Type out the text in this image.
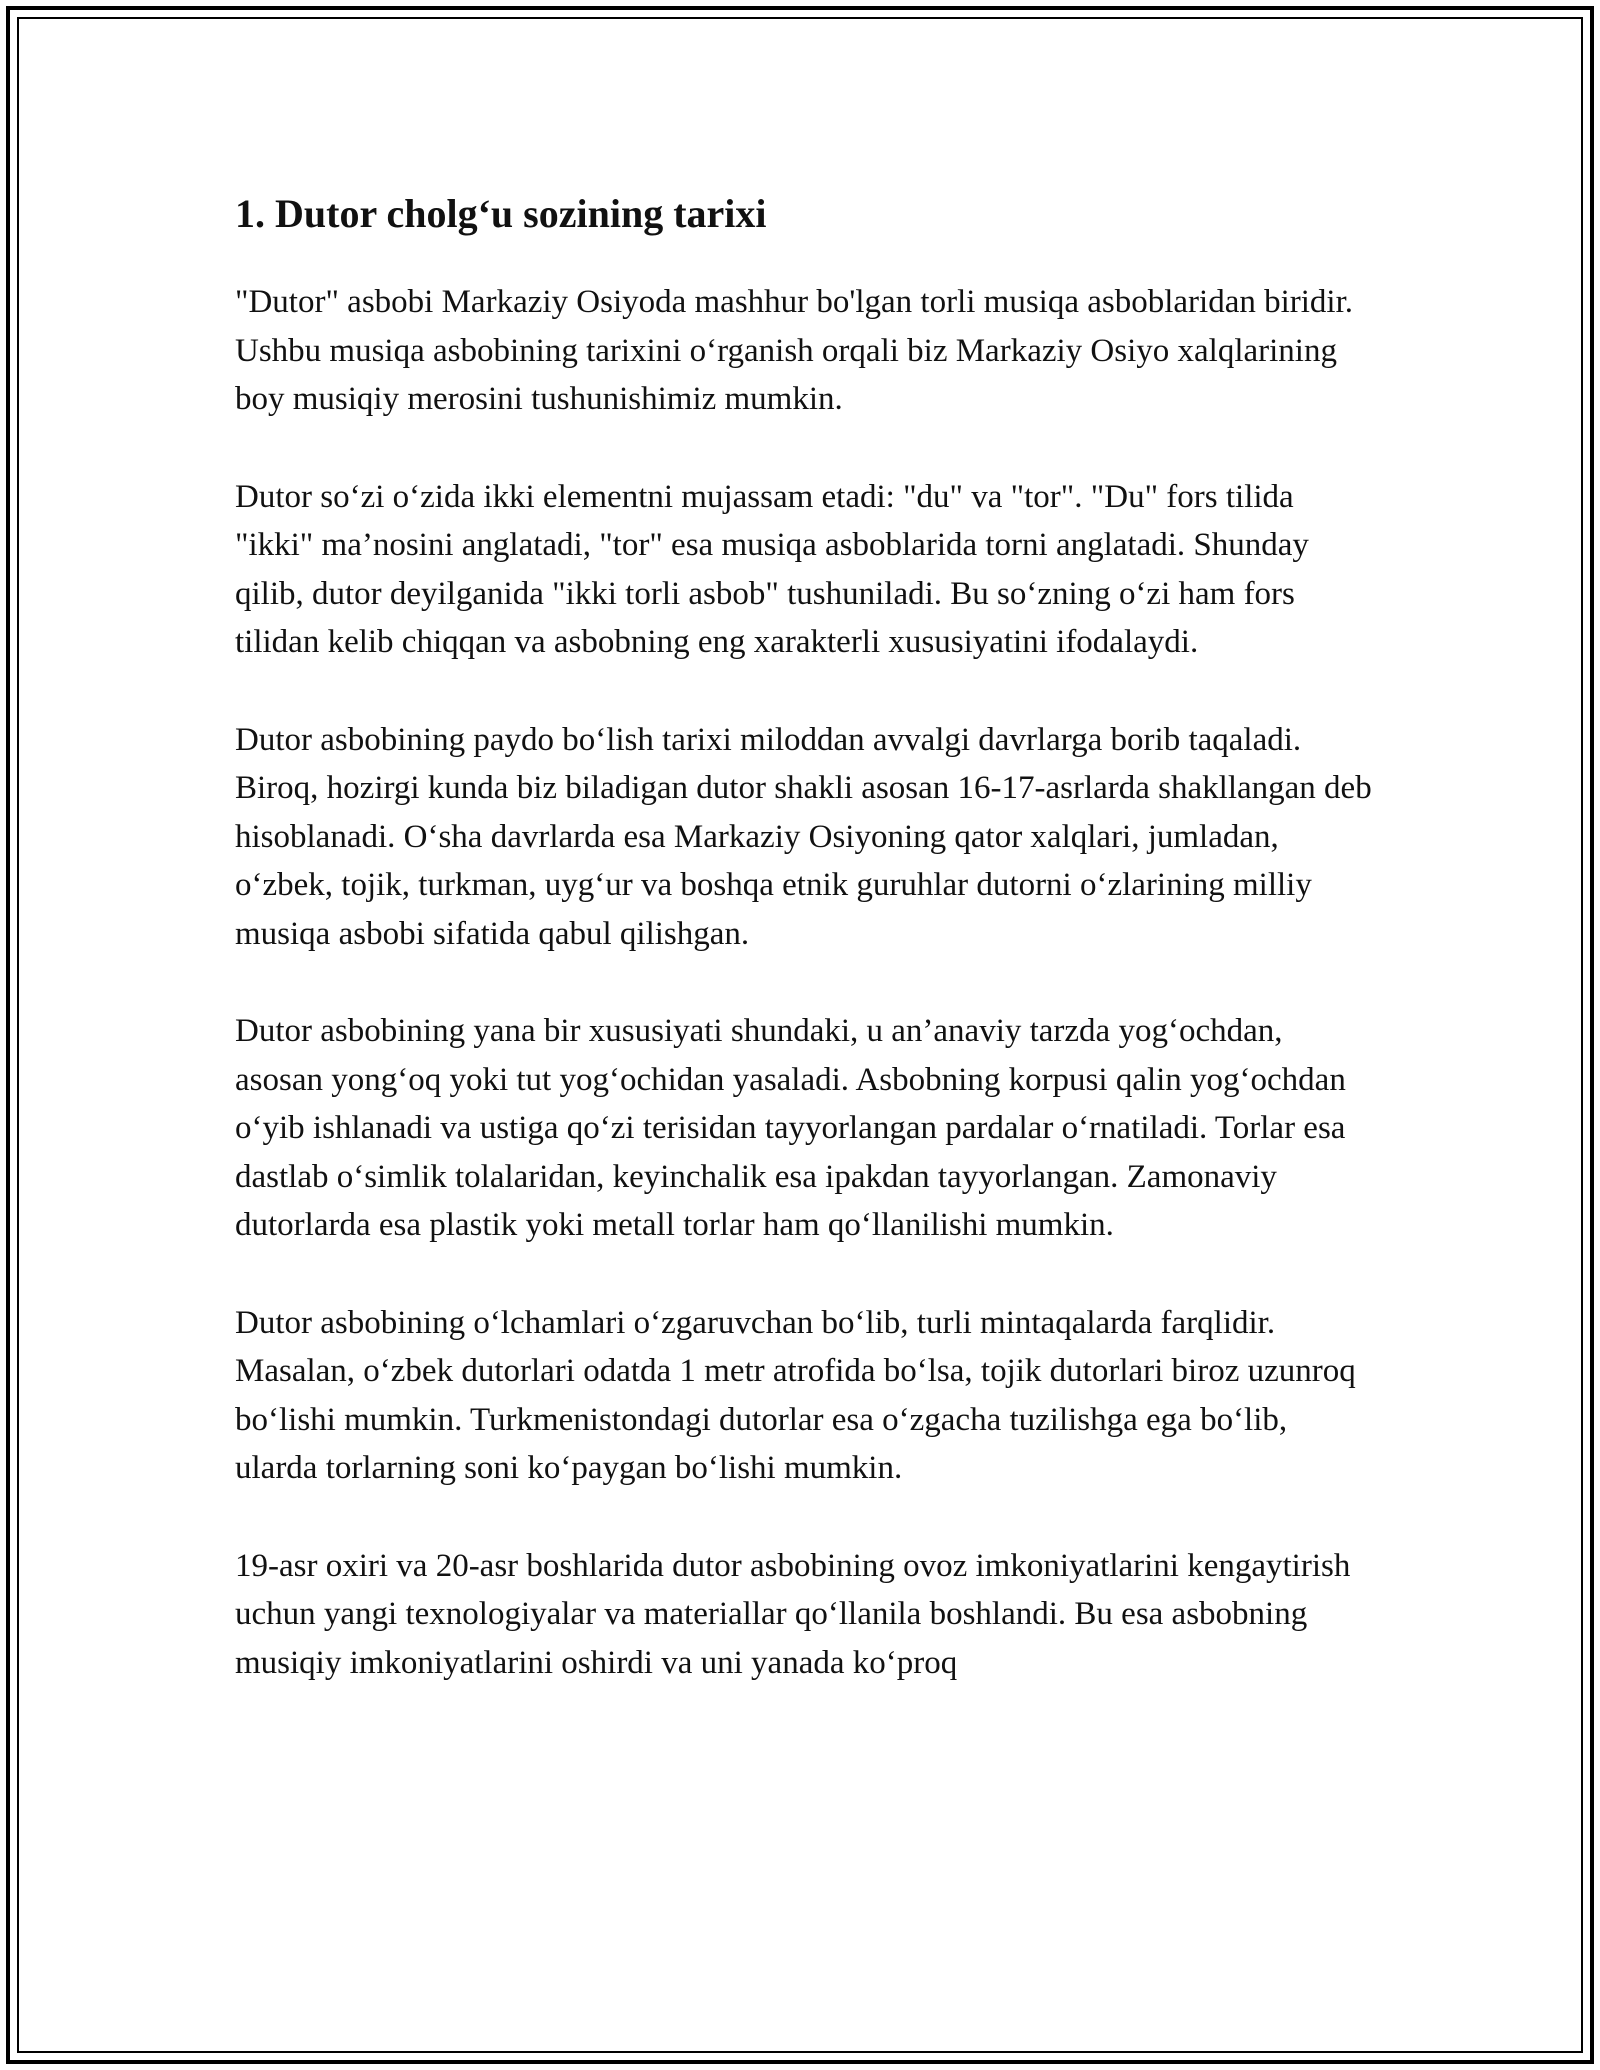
1. Dutor cholg‘u sozining tarixi

"Dutor" asbobi Markaziy Osiyoda mashhur bo'lgan torli musiqa asboblaridan biridir. Ushbu musiqa asbobining tarixini o‘rganish orqali biz Markaziy Osiyo xalqlarining boy musiqiy merosini tushunishimiz mumkin.

Dutor so‘zi o‘zida ikki elementni mujassam etadi: "du" va "tor". "Du" fors tilida "ikki" ma’nosini anglatadi, "tor" esa musiqa asboblarida torni anglatadi. Shunday qilib, dutor deyilganida "ikki torli asbob" tushuniladi. Bu so‘zning o‘zi ham fors tilidan kelib chiqqan va asbobning eng xarakterli xususiyatini ifodalaydi.

Dutor asbobining paydo bo‘lish tarixi miloddan avvalgi davrlarga borib taqaladi. Biroq, hozirgi kunda biz biladigan dutor shakli asosan 16-17-asrlarda shakllangan deb hisoblanadi. O‘sha davrlarda esa Markaziy Osiyoning qator xalqlari, jumladan, o‘zbek, tojik, turkman, uyg‘ur va boshqa etnik guruhlar dutorni o‘zlarining milliy musiqa asbobi sifatida qabul qilishgan.

Dutor asbobining yana bir xususiyati shundaki, u an’anaviy tarzda yog‘ochdan, asosan yong‘oq yoki tut yog‘ochidan yasaladi. Asbobning korpusi qalin yog‘ochdan o‘yib ishlanadi va ustiga qo‘zi terisidan tayyorlangan pardalar o‘rnatiladi. Torlar esa dastlab o‘simlik tolalaridan, keyinchalik esa ipakdan tayyorlangan. Zamonaviy dutorlarda esa plastik yoki metall torlar ham qo‘llanilishi mumkin.

Dutor asbobining o‘lchamlari o‘zgaruvchan bo‘lib, turli mintaqalarda farqlidir. Masalan, o‘zbek dutorlari odatda 1 metr atrofida bo‘lsa, tojik dutorlari biroz uzunroq bo‘lishi mumkin. Turkmenistondagi dutorlar esa o‘zgacha tuzilishga ega bo‘lib, ularda torlarning soni ko‘paygan bo‘lishi mumkin.

19-asr oxiri va 20-asr boshlarida dutor asbobining ovoz imkoniyatlarini kengaytirish uchun yangi texnologiyalar va materiallar qo‘llanila boshlandi. Bu esa asbobning musiqiy imkoniyatlarini oshirdi va uni yanada ko‘proq
